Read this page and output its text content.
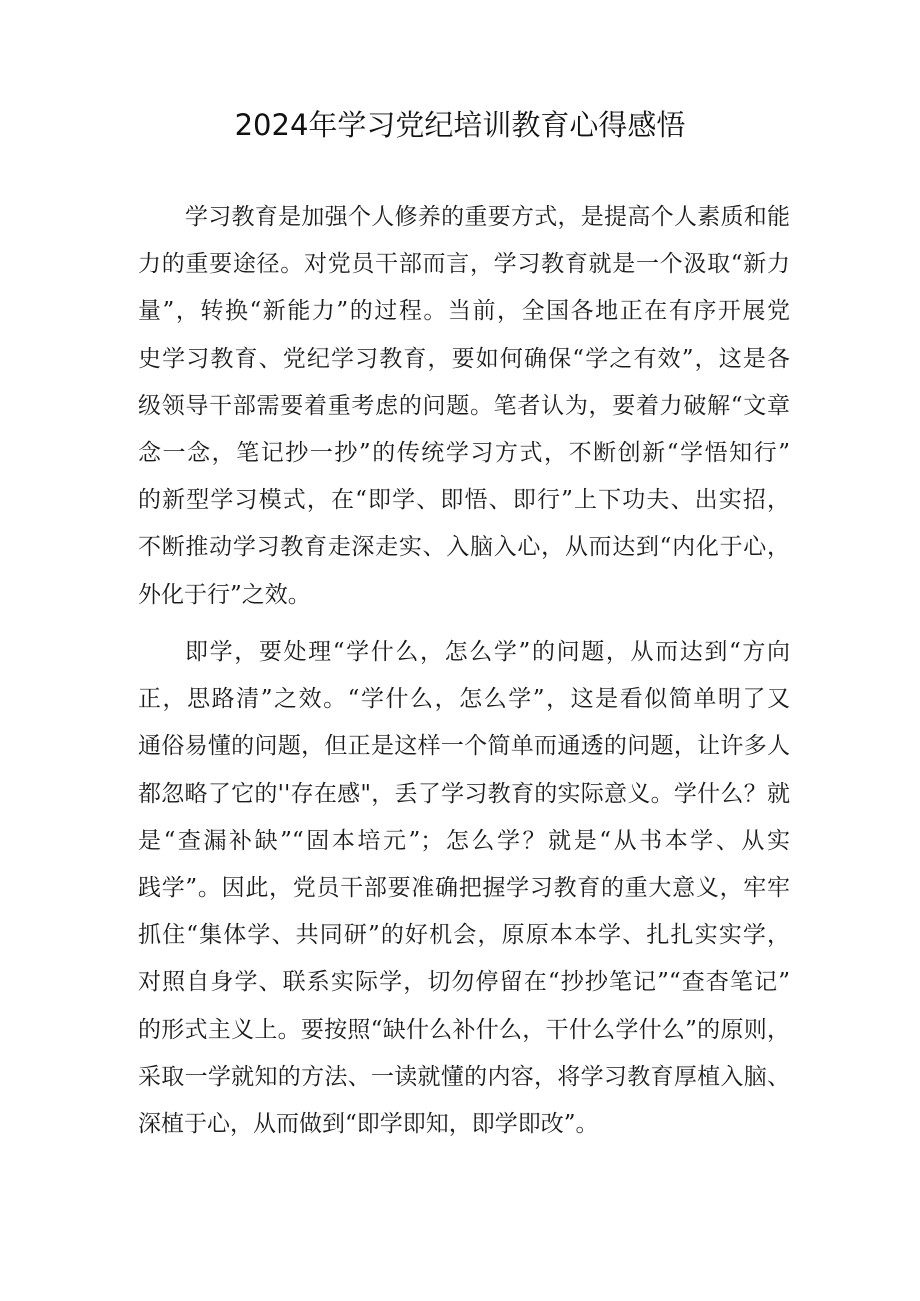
2024年学习党纪培训教育心得感悟
学习教育是加强个人修养的重要方式，是提高个人素质和能
力的重要途径。对党员干部而言，学习教育就是一个汲取“新力
量”，转换“新能力”的过程。当前，全国各地正在有序开展党
史学习教育、党纪学习教育，要如何确保“学之有效”，这是各
级领导干部需要着重考虑的问题。笔者认为，要着力破解“文章
念一念，笔记抄一抄”的传统学习方式，不断创新“学悟知行”
的新型学习模式，在“即学、即悟、即行”上下功夫、出实招，
不断推动学习教育走深走实、入脑入心，从而达到“内化于心，
外化于行”之效。
即学，要处理“学什么，怎么学”的问题，从而达到“方向
正，思路清”之效。“学什么，怎么学”，这是看似简单明了又
通俗易懂的问题，但正是这样一个简单而通透的问题，让许多人
都忽略了它的''存在感"，丢了学习教育的实际意义。学什么？就
是“查漏补缺”“固本培元”；怎么学？就是“从书本学、从实
践学”。因此，党员干部要准确把握学习教育的重大意义，牢牢
抓住“集体学、共同研”的好机会，原原本本学、扎扎实实学，
对照自身学、联系实际学，切勿停留在“抄抄笔记”“查杳笔记”
的形式主义上。要按照“缺什么补什么，干什么学什么”的原则，
采取一学就知的方法、一读就懂的内容，将学习教育厚植入脑、
深植于心，从而做到“即学即知，即学即改”。
